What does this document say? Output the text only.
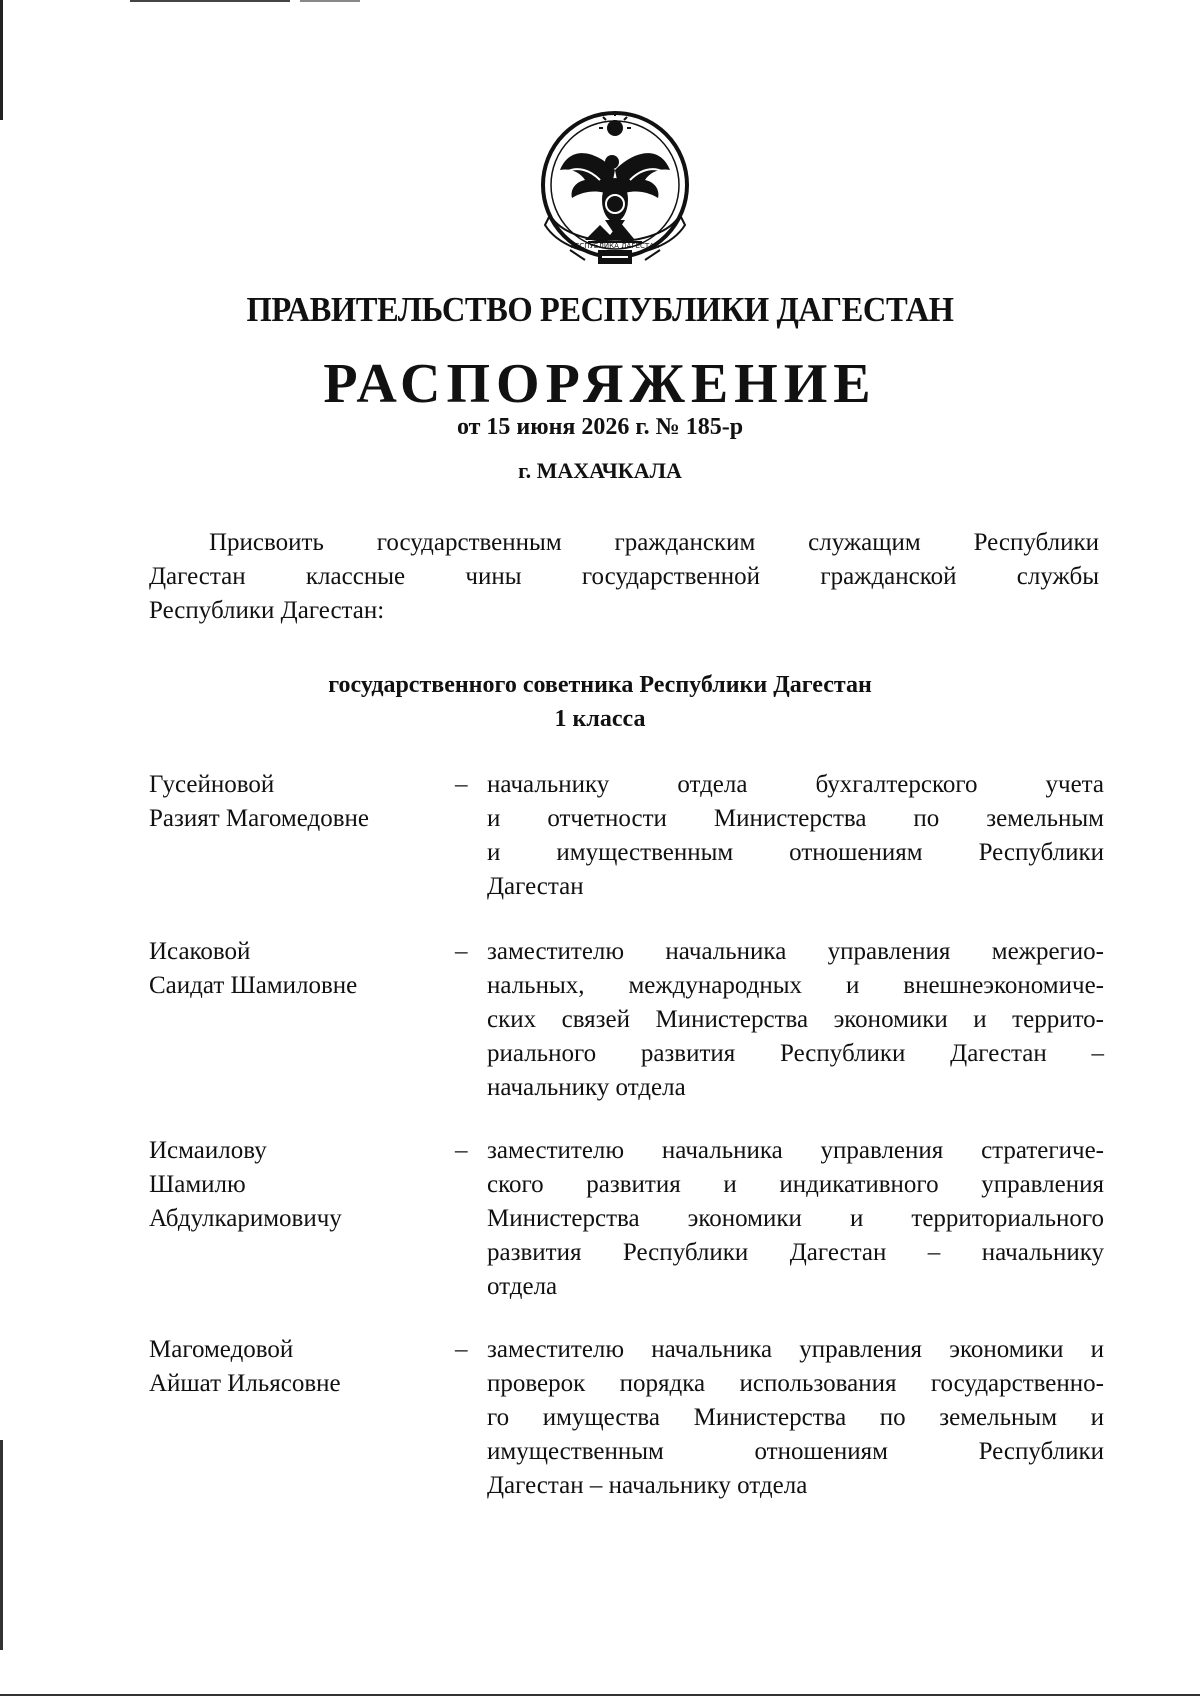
РЕСПУБЛИКА ДАГЕСТАН
ПРАВИТЕЛЬСТВО РЕСПУБЛИКИ ДАГЕСТАН
РАСПОРЯЖЕНИЕ
от 15 июня 2026 г. № 185-р
г. МАХАЧКАЛА
Присвоить государственным гражданским служащим Республики
Дагестан классные чины государственной гражданской службы
Республики Дагестан:
государственного советника Республики Дагестан
1 класса
Гусейновой
Разият Магомедовне
– начальнику отдела бухгалтерского учета
и отчетности Министерства по земельным
и имущественным отношениям Республики
Дагестан
Исаковой
Саидат Шамиловне
– заместителю начальника управления межрегио-
нальных, международных и внешнеэкономиче-
ских связей Министерства экономики и террито-
риального развития Республики Дагестан –
начальнику отдела
Исмаилову
Шамилю
Абдулкаримовичу
– заместителю начальника управления стратегиче-
ского развития и индикативного управления
Министерства экономики и территориального
развития Республики Дагестан – начальнику
отдела
Магомедовой
Айшат Ильясовне
– заместителю начальника управления экономики и
проверок порядка использования государственно-
го имущества Министерства по земельным и
имущественным отношениям Республики
Дагестан – начальнику отдела
